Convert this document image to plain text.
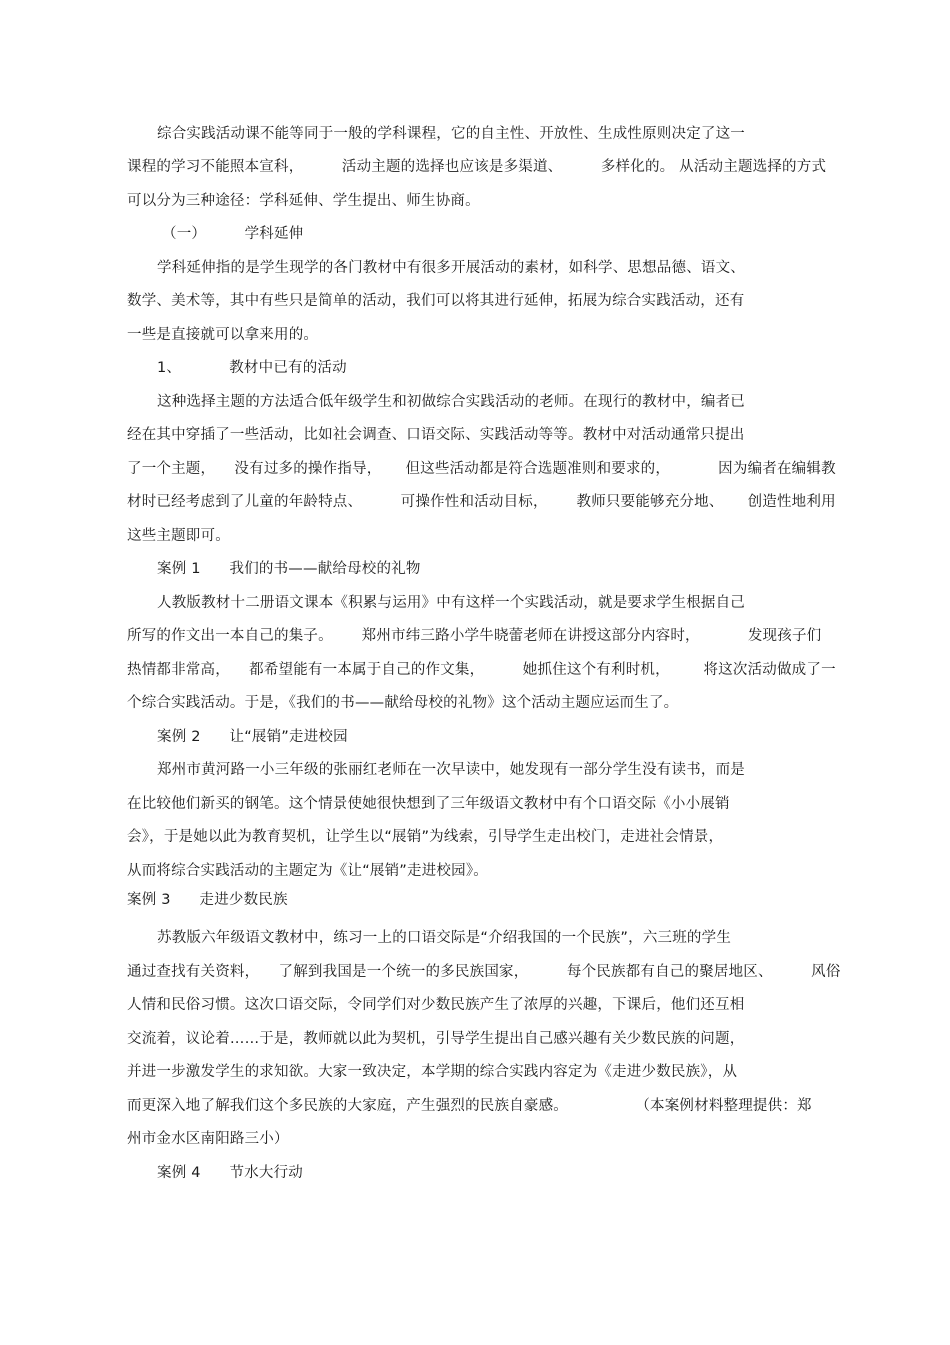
综合实践活动课不能等同于一般的学科课程，它的自主性、开放性、生成性原则决定了这一
课程的学习不能照本宣科，        活动主题的选择也应该是多渠道、        多样化的。 从活动主题选择的方式
可以分为三种途径：学科延伸、学生提出、师生协商。
（一）        学科延伸
学科延伸指的是学生现学的各门教材中有很多开展活动的素材，如科学、思想品德、语文、
数学、美术等，其中有些只是简单的活动，我们可以将其进行延伸，拓展为综合实践活动，还有
一些是直接就可以拿来用的。
1、          教材中已有的活动
这种选择主题的方法适合低年级学生和初做综合实践活动的老师。在现行的教材中，编者已
经在其中穿插了一些活动，比如社会调查、口语交际、实践活动等等。教材中对活动通常只提出
了一个主题，    没有过多的操作指导，     但这些活动都是符合选题准则和要求的，          因为编者在编辑教
材时已经考虑到了儿童的年龄特点、        可操作性和活动目标，      教师只要能够充分地、     创造性地利用
这些主题即可。
案例 1      我们的书——献给母校的礼物
人教版教材十二册语文课本《积累与运用》中有这样一个实践活动，就是要求学生根据自己
所写的作文出一本自己的集子。      郑州市纬三路小学牛晓蕾老师在讲授这部分内容时，          发现孩子们
热情都非常高，    都希望能有一本属于自己的作文集，        她抓住这个有利时机，       将这次活动做成了一
个综合实践活动。于是，《我们的书——献给母校的礼物》这个活动主题应运而生了。
案例 2      让“展销”走进校园
郑州市黄河路一小三年级的张丽红老师在一次早读中，她发现有一部分学生没有读书，而是
在比较他们新买的钢笔。这个情景使她很快想到了三年级语文教材中有个口语交际《小小展销
会》，于是她以此为教育契机，让学生以“展销”为线索，引导学生走出校门，走进社会情景，
从而将综合实践活动的主题定为《让“展销”走进校园》。
案例 3      走进少数民族
苏教版六年级语文教材中，练习一上的口语交际是“介绍我国的一个民族”，六三班的学生
通过查找有关资料，    了解到我国是一个统一的多民族国家，        每个民族都有自己的聚居地区、        风俗
人情和民俗习惯。这次口语交际，令同学们对少数民族产生了浓厚的兴趣，下课后，他们还互相
交流着，议论着……于是，教师就以此为契机，引导学生提出自己感兴趣有关少数民族的问题，
并进一步激发学生的求知欲。大家一致决定，本学期的综合实践内容定为《走进少数民族》，从
而更深入地了解我们这个多民族的大家庭，产生强烈的民族自豪感。              （本案例材料整理提供：郑
州市金水区南阳路三小）
案例 4      节水大行动
